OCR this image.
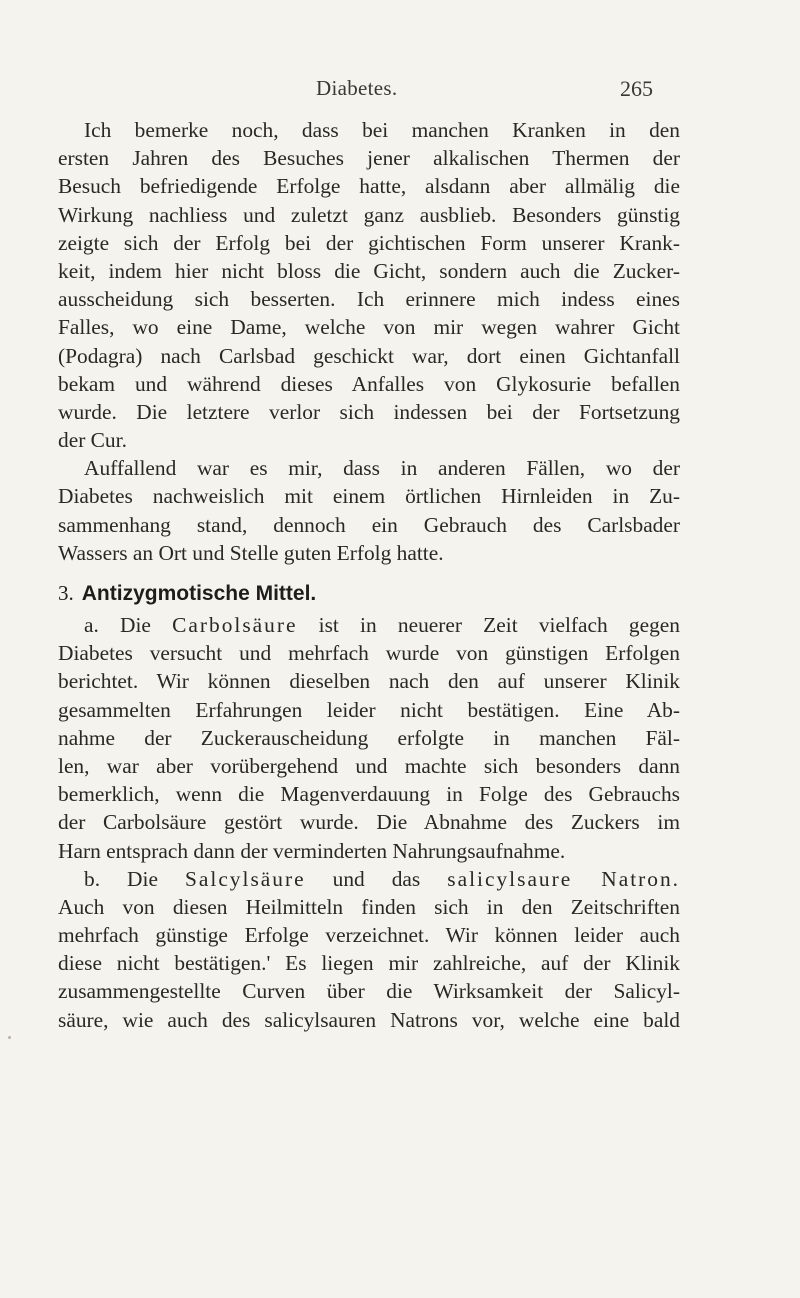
Diabetes.	265
Ich bemerke noch, dass bei manchen Kranken in den
ersten Jahren des Besuches jener alkalischen Thermen der
Besuch befriedigende Erfolge hatte, alsdann aber allmälig die
Wirkung nachliess und zuletzt ganz ausblieb. Besonders günstig
zeigte sich der Erfolg bei der gichtischen Form unserer Krank-
keit, indem hier nicht bloss die Gicht, sondern auch die Zucker-
ausscheidung sich besserten. Ich erinnere mich indess eines
Falles, wo eine Dame, welche von mir wegen wahrer Gicht
(Podagra) nach Carlsbad geschickt war, dort einen Gichtanfall
bekam und während dieses Anfalles von Glykosurie befallen
wurde. Die letztere verlor sich indessen bei der Fortsetzung
der Cur.
Auffallend war es mir, dass in anderen Fällen, wo der
Diabetes nachweislich mit einem örtlichen Hirnleiden in Zu-
sammenhang stand, dennoch ein Gebrauch des Carlsbader
Wassers an Ort und Stelle guten Erfolg hatte.
3. Antizygmotische Mittel.
a. Die Carbolsäure ist in neuerer Zeit vielfach gegen
Diabetes versucht und mehrfach wurde von günstigen Erfolgen
berichtet. Wir können dieselben nach den auf unserer Klinik
gesammelten Erfahrungen leider nicht bestätigen. Eine Ab-
nahme der Zuckerauscheidung erfolgte in manchen Fäl-
len, war aber vorübergehend und machte sich besonders dann
bemerklich, wenn die Magenverdauung in Folge des Gebrauchs
der Carbolsäure gestört wurde. Die Abnahme des Zuckers im
Harn entsprach dann der verminderten Nahrungsaufnahme.
b. Die Salcylsäure und das salicylsaure Natron.
Auch von diesen Heilmitteln finden sich in den Zeitschriften
mehrfach günstige Erfolge verzeichnet. Wir können leider auch
diese nicht bestätigen.' Es liegen mir zahlreiche, auf der Klinik
zusammengestellte Curven über die Wirksamkeit der Salicyl-
säure, wie auch des salicylsauren Natrons vor, welche eine bald
